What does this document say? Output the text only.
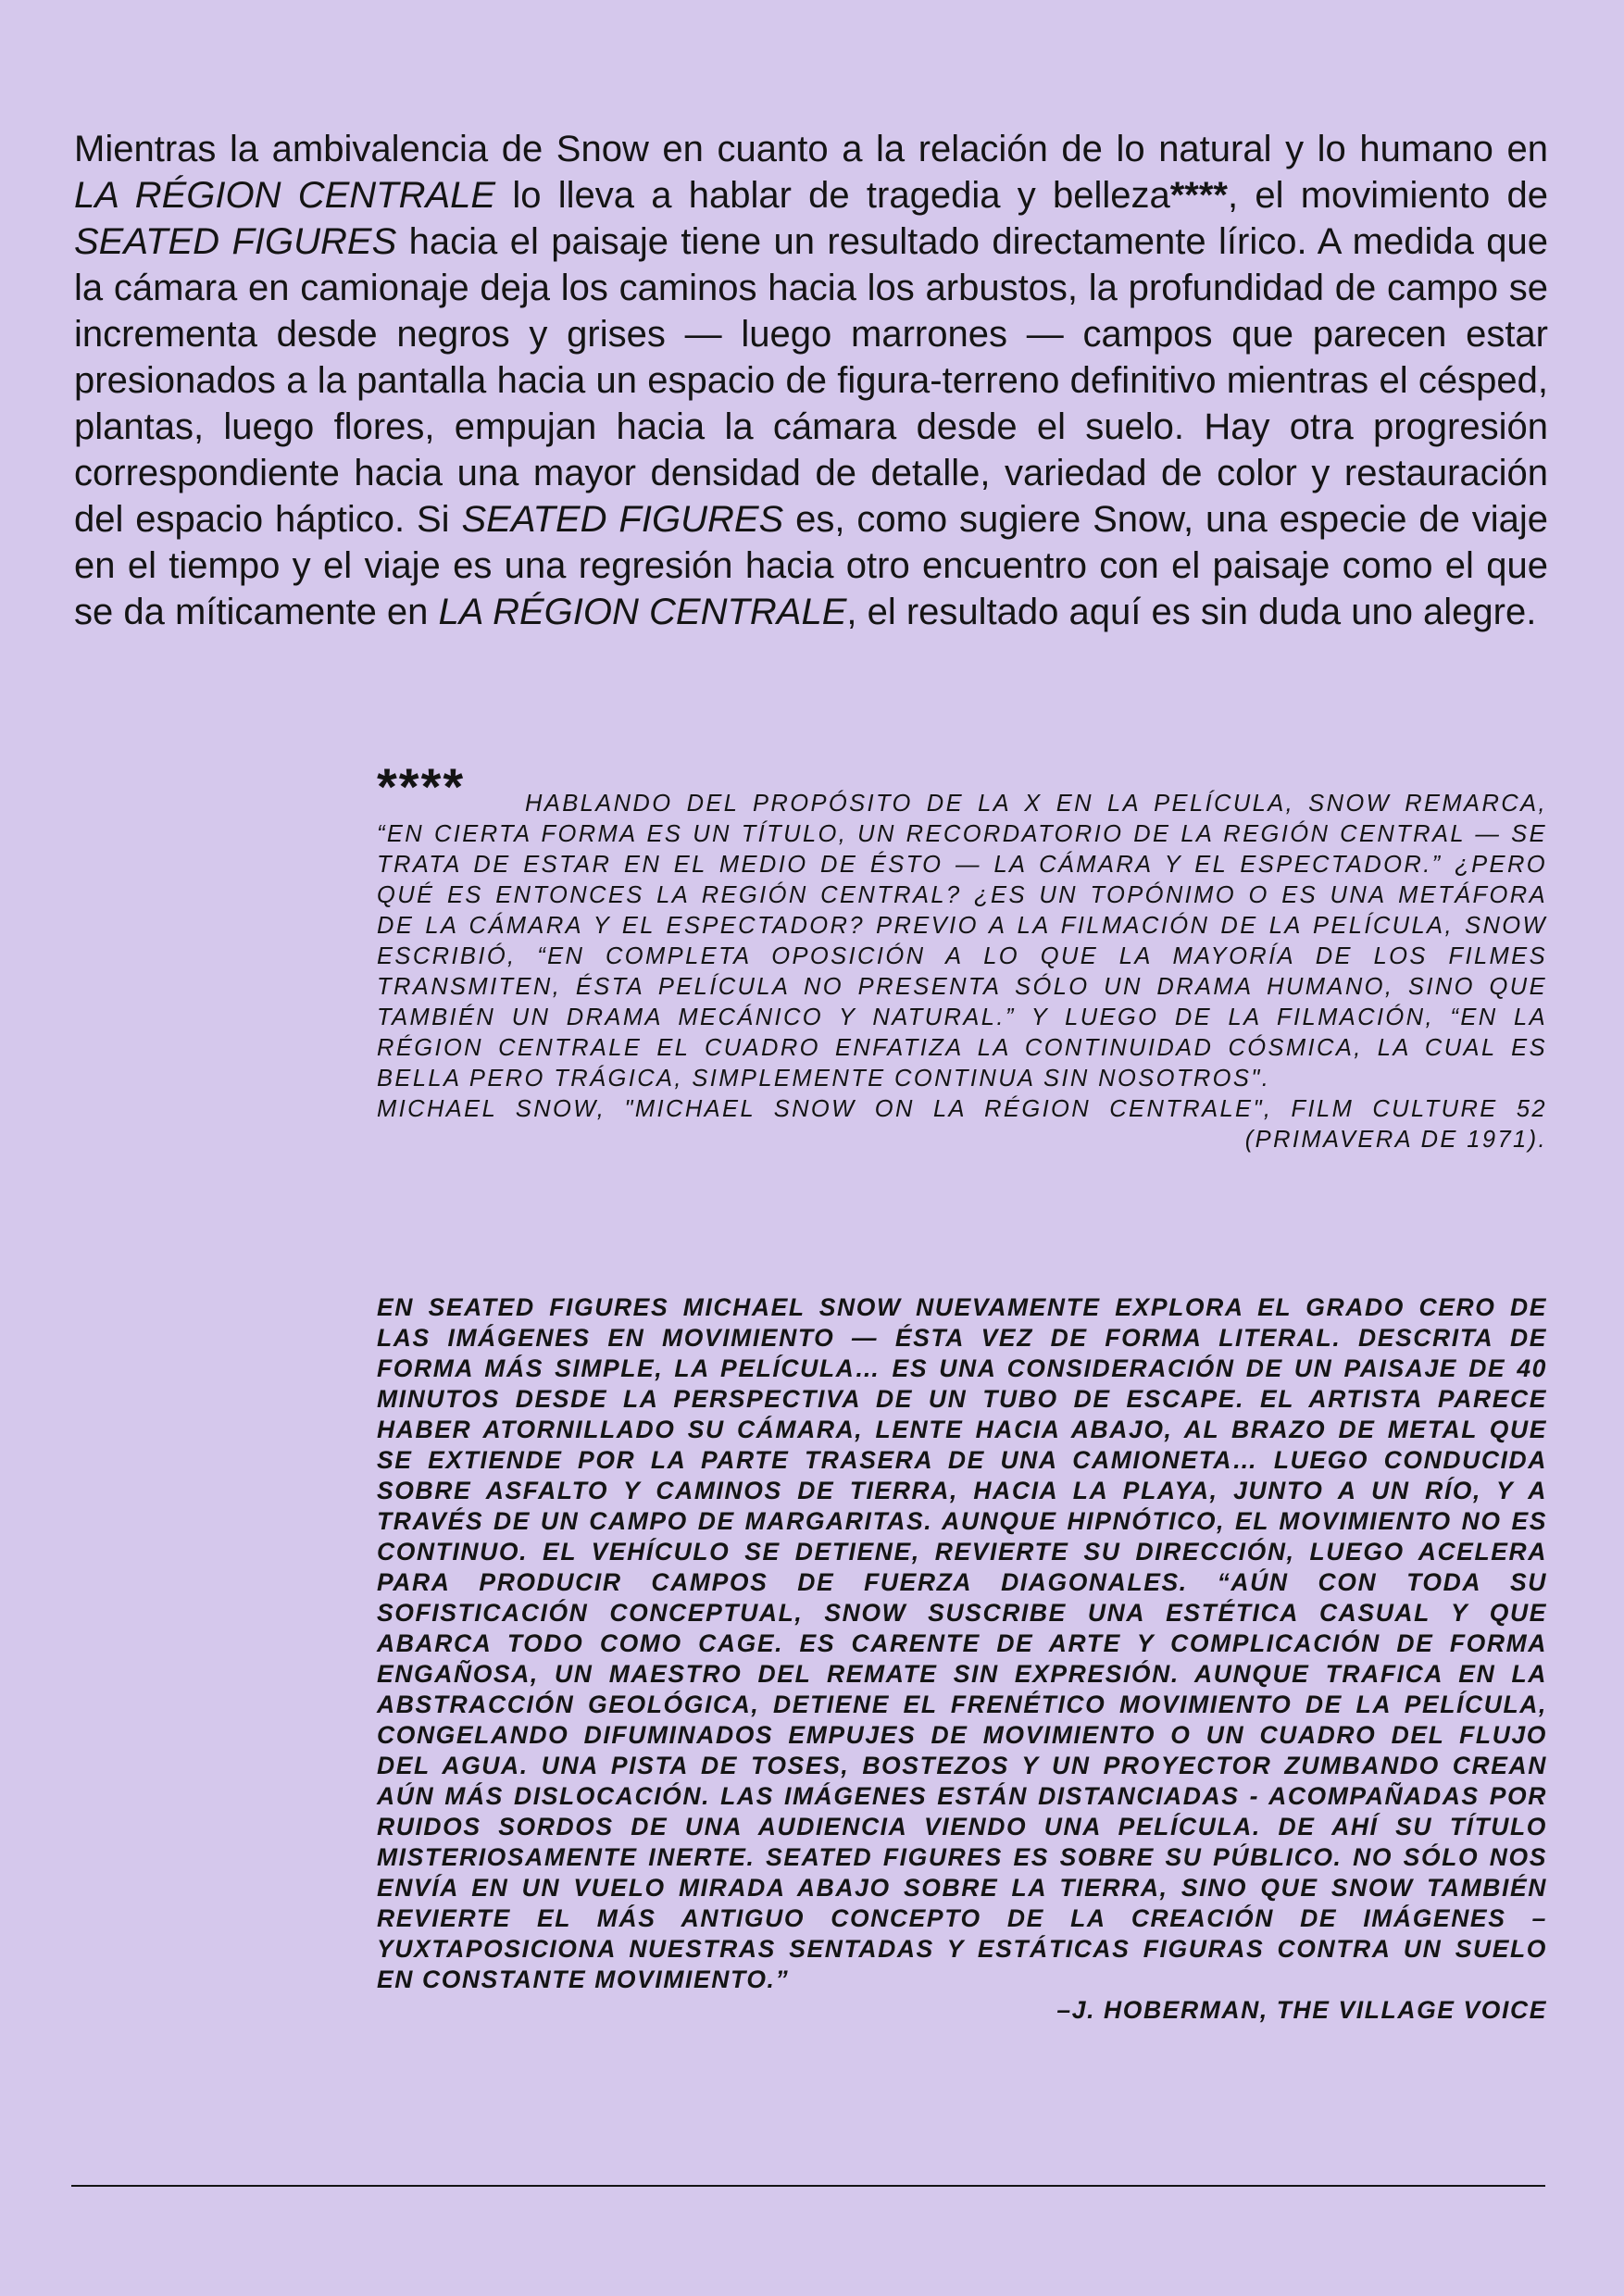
Mientras la ambivalencia de Snow en cuanto a la relación de lo natural y lo humano en LA RÉGION CENTRALE lo lleva a hablar de tragedia y belleza****, el movimiento de SEATED FIGURES hacia el paisaje tiene un resultado directamente lírico. A medida que la cámara en camionaje deja los caminos hacia los arbustos, la profundidad de campo se incrementa desde negros y grises — luego marrones — campos que parecen estar presionados a la pantalla hacia un espacio de figura-terreno definitivo mientras el césped, plantas, luego flores, empujan hacia la cámara desde el suelo. Hay otra progresión correspondiente hacia una mayor densidad de detalle, variedad de color y restauración del espacio háptico. Si SEATED FIGURES es, como sugiere Snow, una especie de viaje en el tiempo y el viaje es una regresión hacia otro encuentro con el paisaje como el que se da míticamente en LA RÉGION CENTRALE, el resultado aquí es sin duda uno alegre.

****	HABLANDO DEL PROPÓSITO DE LA X EN LA PELÍCULA, SNOW REMARCA, “EN CIERTA FORMA ES UN TÍTULO, UN RECORDATORIO DE LA REGIÓN CENTRAL — SE TRATA DE ESTAR EN EL MEDIO DE ÉSTO — LA CÁMARA Y EL ESPECTADOR.” ¿PERO QUÉ ES ENTONCES LA REGIÓN CENTRAL? ¿ES UN TOPÓNIMO O ES UNA METÁFORA DE LA CÁMARA Y EL ESPECTADOR? PREVIO A LA FILMACIÓN DE LA PELÍCULA, SNOW ESCRIBIÓ, “EN COMPLETA OPOSICIÓN A LO QUE LA MAYORÍA DE LOS FILMES TRANSMITEN, ÉSTA PELÍCULA NO PRESENTA SÓLO UN DRAMA HUMANO, SINO QUE TAMBIÉN UN DRAMA MECÁNICO Y NATURAL.” Y LUEGO DE LA FILMACIÓN, “EN LA RÉGION CENTRALE EL CUADRO ENFATIZA LA CONTINUIDAD CÓSMICA, LA CUAL ES BELLA PERO TRÁGICA, SIMPLEMENTE CONTINUA SIN NOSOTROS".

MICHAEL SNOW, "MICHAEL SNOW ON LA RÉGION CENTRALE", FILM CULTURE 52 (PRIMAVERA DE 1971).

EN SEATED FIGURES MICHAEL SNOW NUEVAMENTE EXPLORA EL GRADO CERO DE LAS IMÁGENES EN MOVIMIENTO — ÉSTA VEZ DE FORMA LITERAL. DESCRITA DE FORMA MÁS SIMPLE, LA PELÍCULA… ES UNA CONSIDERACIÓN DE UN PAISAJE DE 40 MINUTOS DESDE LA PERSPECTIVA DE UN TUBO DE ESCAPE. EL ARTISTA PARECE HABER ATORNILLADO SU CÁMARA, LENTE HACIA ABAJO, AL BRAZO DE METAL QUE SE EXTIENDE POR LA PARTE TRASERA DE UNA CAMIONETA… LUEGO CONDUCIDA SOBRE ASFALTO Y CAMINOS DE TIERRA, HACIA LA PLAYA, JUNTO A UN RÍO, Y A TRAVÉS DE UN CAMPO DE MARGARITAS. AUNQUE HIPNÓTICO, EL MOVIMIENTO NO ES CONTINUO. EL VEHÍCULO SE DETIENE, REVIERTE SU DIRECCIÓN, LUEGO ACELERA PARA PRODUCIR CAMPOS DE FUERZA DIAGONALES. “AÚN CON TODA SU SOFISTICACIÓN CONCEPTUAL, SNOW SUSCRIBE UNA ESTÉTICA CASUAL Y QUE ABARCA TODO COMO CAGE. ES CARENTE DE ARTE Y COMPLICACIÓN DE FORMA ENGAÑOSA, UN MAESTRO DEL REMATE SIN EXPRESIÓN. AUNQUE TRAFICA EN LA ABSTRACCIÓN GEOLÓGICA, DETIENE EL FRENÉTICO MOVIMIENTO DE LA PELÍCULA, CONGELANDO DIFUMINADOS EMPUJES DE MOVIMIENTO O UN CUADRO DEL FLUJO DEL AGUA. UNA PISTA DE TOSES, BOSTEZOS Y UN PROYECTOR ZUMBANDO CREAN AÚN MÁS DISLOCACIÓN. LAS IMÁGENES ESTÁN DISTANCIADAS - ACOMPAÑADAS POR RUIDOS SORDOS DE UNA AUDIENCIA VIENDO UNA PELÍCULA. DE AHÍ SU TÍTULO MISTERIOSAMENTE INERTE. SEATED FIGURES ES SOBRE SU PÚBLICO. NO SÓLO NOS ENVÍA EN UN VUELO MIRADA ABAJO SOBRE LA TIERRA, SINO QUE SNOW TAMBIÉN REVIERTE EL MÁS ANTIGUO CONCEPTO DE LA CREACIÓN DE IMÁGENES – YUXTAPOSICIONA NUESTRAS SENTADAS Y ESTÁTICAS FIGURAS CONTRA UN SUELO EN CONSTANTE MOVIMIENTO.”

–J. HOBERMAN, THE VILLAGE VOICE
